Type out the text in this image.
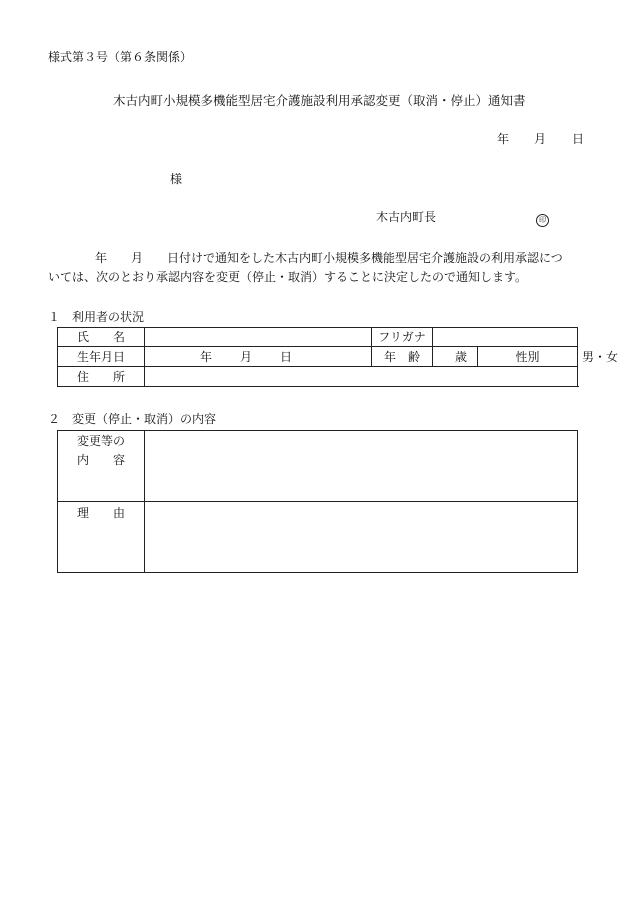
様式第３号（第６条関係）
木古内町小規模多機能型居宅介護施設利用承認変更（取消・停止）通知書
年 月 日
様
木古内町長	印
年　　月　　日付けで通知をした木古内町小規模多機能型居宅介護施設の利用承認につ
いては、次のとおり承認内容を変更（停止・取消）することに決定したので通知します。
１　利用者の状況
氏　　名		フリガナ			
生年月日	年 月 日	年　齢	歳	性別	男・女
住　　所					
２　変更（停止・取消）の内容
変更等の
内　　容	

理　　由	
